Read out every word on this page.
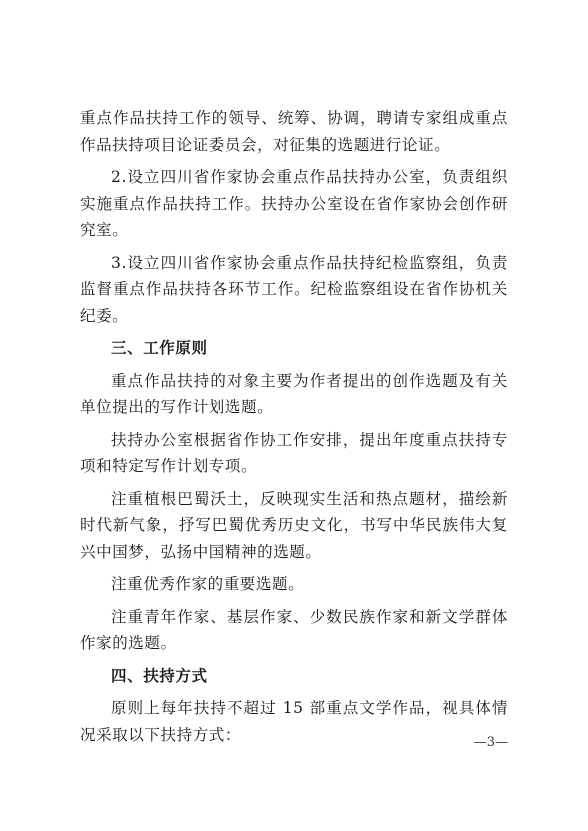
重点作品扶持工作的领导、统筹、协调，聘请专家组成重点作品扶持项目论证委员会，对征集的选题进行论证。

2.设立四川省作家协会重点作品扶持办公室，负责组织实施重点作品扶持工作。扶持办公室设在省作家协会创作研究室。

3.设立四川省作家协会重点作品扶持纪检监察组，负责监督重点作品扶持各环节工作。纪检监察组设在省作协机关纪委。

三、工作原则

重点作品扶持的对象主要为作者提出的创作选题及有关单位提出的写作计划选题。

扶持办公室根据省作协工作安排，提出年度重点扶持专项和特定写作计划专项。

注重植根巴蜀沃土，反映现实生活和热点题材，描绘新时代新气象，抒写巴蜀优秀历史文化，书写中华民族伟大复兴中国梦，弘扬中国精神的选题。

注重优秀作家的重要选题。

注重青年作家、基层作家、少数民族作家和新文学群体作家的选题。

四、扶持方式

原则上每年扶持不超过 15 部重点文学作品，视具体情况采取以下扶持方式：	—3—
